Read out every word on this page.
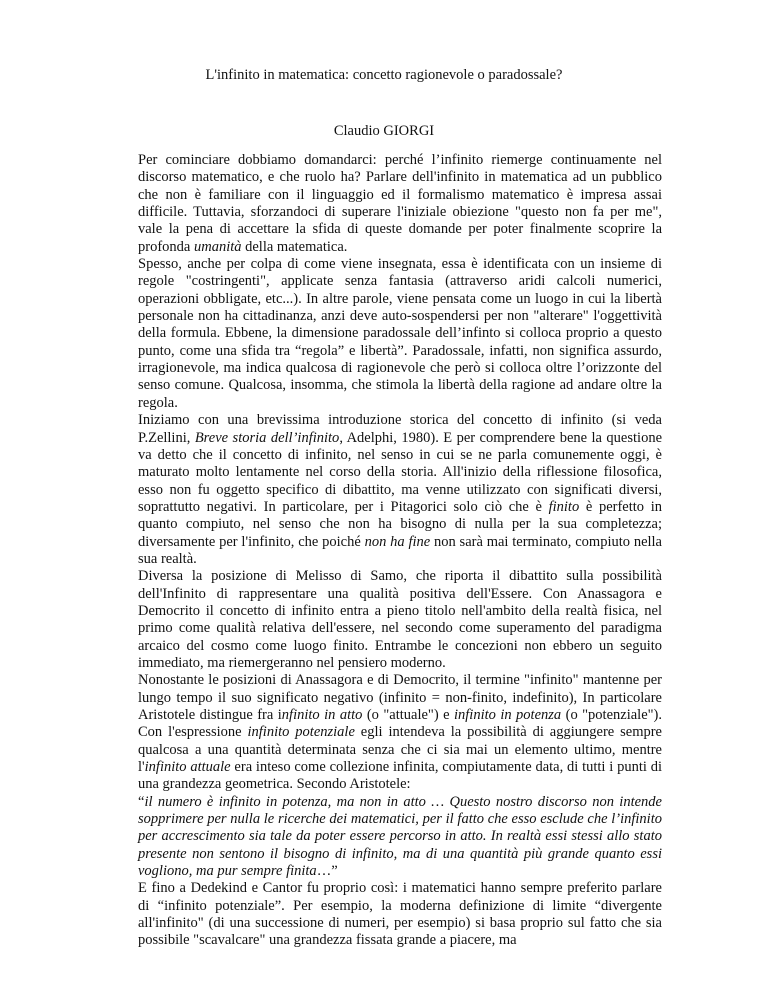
L'infinito in matematica: concetto ragionevole o paradossale?

Claudio GIORGI

Per cominciare dobbiamo domandarci: perché l’infinito riemerge continuamente nel discorso matematico, e che ruolo ha? Parlare dell'infinito in matematica ad un pubblico che non è familiare con il linguaggio ed il formalismo matematico è impresa assai difficile. Tuttavia, sforzandoci di superare l'iniziale obiezione "questo non fa per me", vale la pena di accettare la sfida di queste domande per poter finalmente scoprire la profonda umanità della matematica.

Spesso, anche per colpa di come viene insegnata, essa è identificata con un insieme di regole "costringenti", applicate senza fantasia (attraverso aridi calcoli numerici, operazioni obbligate, etc...). In altre parole, viene pensata come un luogo in cui la libertà personale non ha cittadinanza, anzi deve auto-sospendersi per non "alterare" l'oggettività della formula. Ebbene, la dimensione paradossale dell’infinto si colloca proprio a questo punto, come una sfida tra “regola” e libertà”. Paradossale, infatti, non significa assurdo, irragionevole, ma indica qualcosa di ragionevole che però si colloca oltre l’orizzonte del senso comune. Qualcosa, insomma, che stimola la libertà della ragione ad andare oltre la regola.

Iniziamo con una brevissima introduzione storica del concetto di infinito (si veda P.Zellini, Breve storia dell’infinito, Adelphi, 1980). E per comprendere bene la questione va detto che il concetto di infinito, nel senso in cui se ne parla comunemente oggi, è maturato molto lentamente nel corso della storia. All'inizio della riflessione filosofica, esso non fu oggetto specifico di dibattito, ma venne utilizzato con significati diversi, soprattutto negativi. In particolare, per i Pitagorici solo ciò che è finito è perfetto in quanto compiuto, nel senso che non ha bisogno di nulla per la sua completezza; diversamente per l'infinito, che poiché non ha fine non sarà mai terminato, compiuto nella sua realtà.

Diversa la posizione di Melisso di Samo, che riporta il dibattito sulla possibilità dell'Infinito di rappresentare una qualità positiva dell'Essere. Con Anassagora e Democrito il concetto di infinito entra a pieno titolo nell'ambito della realtà fisica, nel primo come qualità relativa dell'essere, nel secondo come superamento del paradigma arcaico del cosmo come luogo finito. Entrambe le concezioni non ebbero un seguito immediato, ma riemergeranno nel pensiero moderno.

Nonostante le posizioni di Anassagora e di Democrito, il termine "infinito" mantenne per lungo tempo il suo significato negativo (infinito = non-finito, indefinito), In particolare Aristotele distingue fra infinito in atto (o "attuale") e infinito in potenza (o "potenziale"). Con l'espressione infinito potenziale egli intendeva la possibilità di aggiungere sempre qualcosa a una quantità determinata senza che ci sia mai un elemento ultimo, mentre l'infinito attuale era inteso come collezione infinita, compiutamente data, di tutti i punti di una grandezza geometrica. Secondo Aristotele:

“il numero è infinito in potenza, ma non in atto … Questo nostro discorso non intende sopprimere per nulla le ricerche dei matematici, per il fatto che esso esclude che l’infinito per accrescimento sia tale da poter essere percorso in atto. In realtà essi stessi allo stato presente non sentono il bisogno di infinito, ma di una quantità più grande quanto essi vogliono, ma pur sempre finita…”

E fino a Dedekind e Cantor fu proprio così: i matematici hanno sempre preferito parlare di “infinito potenziale”. Per esempio, la moderna definizione di limite “divergente all'infinito" (di una successione di numeri, per esempio) si basa proprio sul fatto che sia possibile "scavalcare" una grandezza fissata grande a piacere, ma
